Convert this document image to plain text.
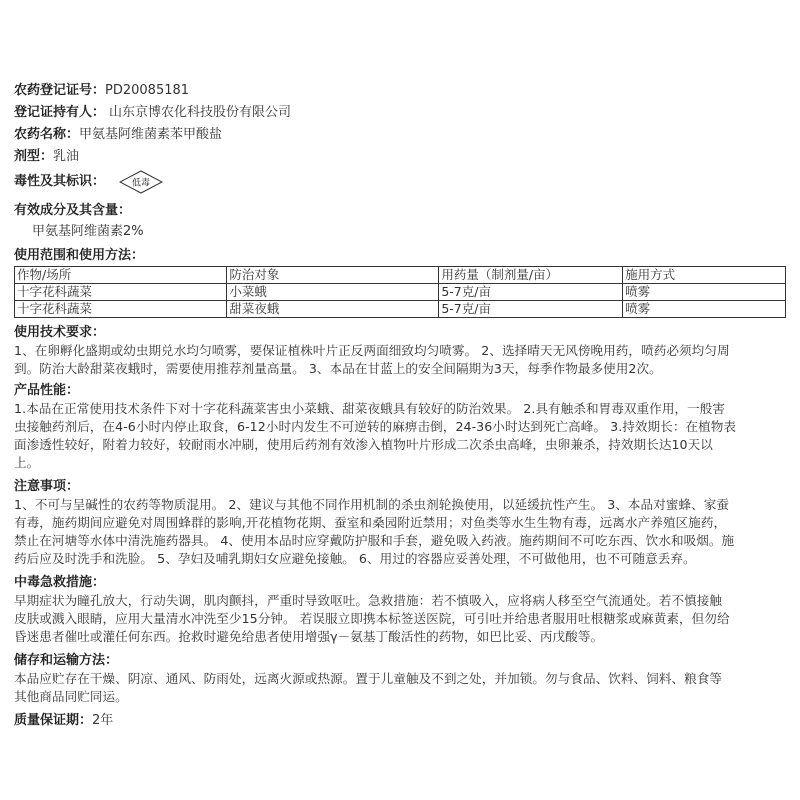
农药登记证号： PD20085181
登记证持有人： 山东京博农化科技股份有限公司
农药名称： 甲氨基阿维菌素苯甲酸盐
剂型： 乳油
毒性及其标识：	低毒
有效成分及其含量：
甲氨基阿维菌素2%
使用范围和使用方法：
作物/场所	防治对象	用药量（制剂量/亩）	施用方式
十字花科蔬菜	小菜蛾	5-7克/亩	喷雾
十字花科蔬菜	甜菜夜蛾	5-7克/亩	喷雾
使用技术要求：
1、在卵孵化盛期或幼虫期兑水均匀喷雾，要保证植株叶片正反两面细致均匀喷雾。 2、选择晴天无风傍晚用药，喷药必须均匀周
到。防治大龄甜菜夜蛾时，需要使用推荐剂量高量。 3、本品在甘蓝上的安全间隔期为3天，每季作物最多使用2次。
产品性能：
1.本品在正常使用技术条件下对十字花科蔬菜害虫小菜蛾、甜菜夜蛾具有较好的防治效果。 2.具有触杀和胃毒双重作用，一般害
虫接触药剂后，在4-6小时内停止取食，6-12小时内发生不可逆转的麻痹击倒，24-36小时达到死亡高峰。 3.持效期长：在植物表
面渗透性较好，附着力较好，较耐雨水冲刷，使用后药剂有效渗入植物叶片形成二次杀虫高峰，虫卵兼杀，持效期长达10天以
上。
注意事项：
1、不可与呈碱性的农药等物质混用。 2、建议与其他不同作用机制的杀虫剂轮换使用，以延缓抗性产生。 3、本品对蜜蜂、家蚕
有毒，施药期间应避免对周围蜂群的影响,开花植物花期、蚕室和桑园附近禁用；对鱼类等水生生物有毒，远离水产养殖区施药，
禁止在河塘等水体中清洗施药器具。 4、使用本品时应穿戴防护服和手套，避免吸入药液。施药期间不可吃东西、饮水和吸烟。施
药后应及时洗手和洗脸。 5、孕妇及哺乳期妇女应避免接触。 6、用过的容器应妥善处理，不可做他用，也不可随意丢弃。
中毒急救措施：
早期症状为瞳孔放大，行动失调，肌肉颤抖，严重时导致呕吐。急救措施：若不慎吸入，应将病人移至空气流通处。若不慎接触
皮肤或溅入眼睛，应用大量清水冲洗至少15分钟。 若误服立即携本标签送医院，可引吐并给患者服用吐根糖浆或麻黄素，但勿给
昏迷患者催吐或灌任何东西。抢救时避免给患者使用增强γ－氨基丁酸活性的药物，如巴比妥、丙戊酸等。
储存和运输方法：
本品应贮存在干燥、阴凉、通风、防雨处，远离火源或热源。置于儿童触及不到之处，并加锁。勿与食品、饮料、饲料、粮食等
其他商品同贮同运。
质量保证期： 2年
